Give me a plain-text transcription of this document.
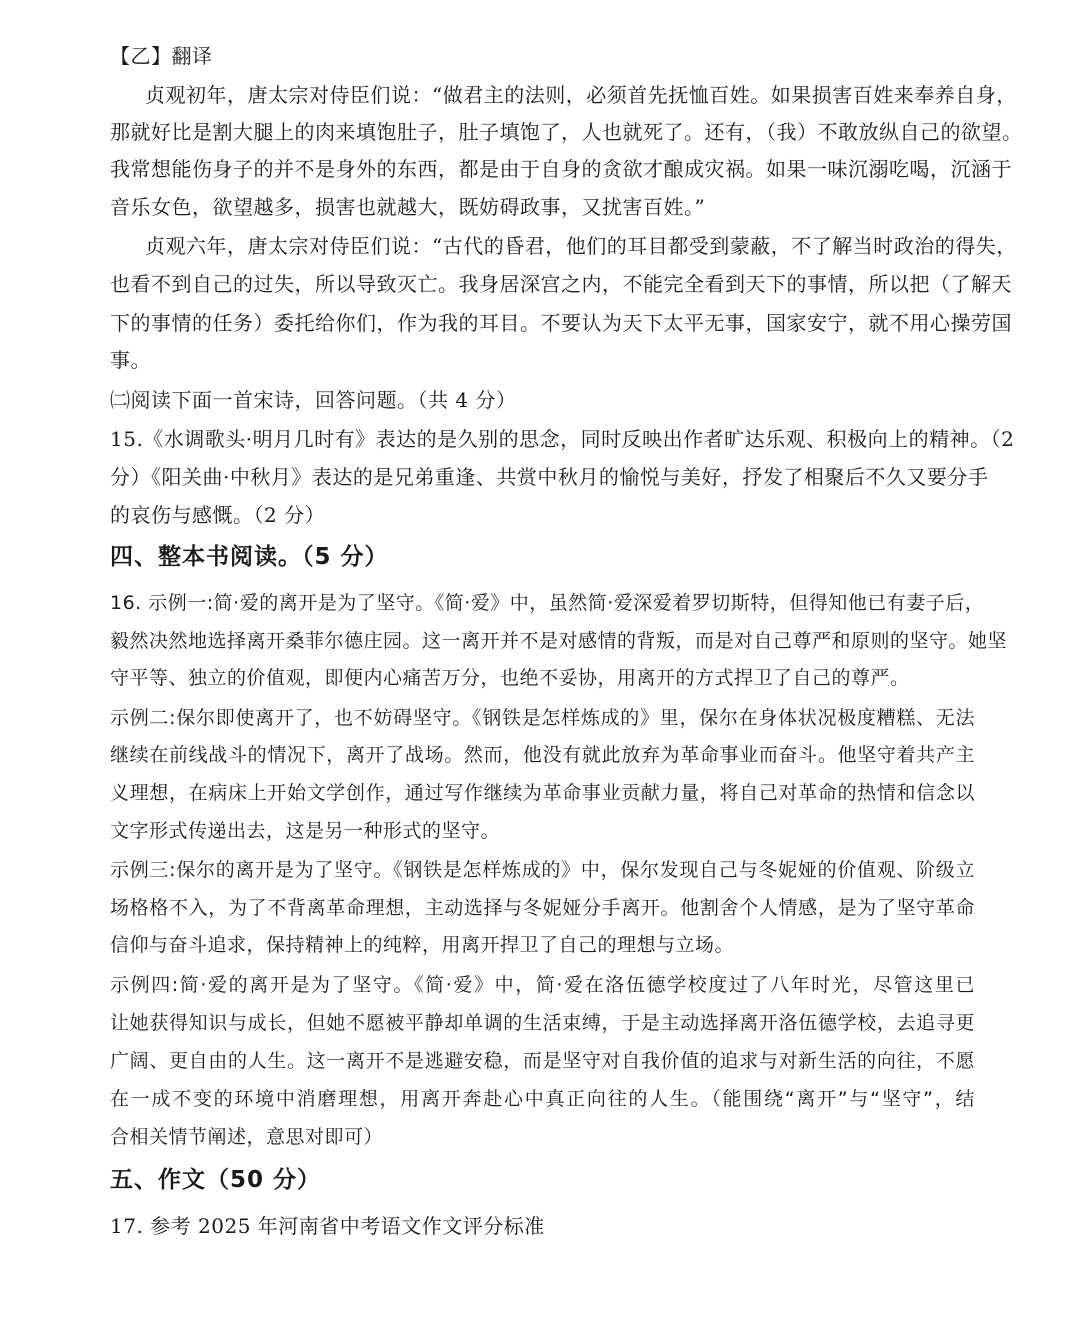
【乙】翻译
贞观初年，唐太宗对侍臣们说：“做君主的法则，必须首先抚恤百姓。如果损害百姓来奉养自身，
那就好比是割大腿上的肉来填饱肚子，肚子填饱了，人也就死了。还有，（我）不敢放纵自己的欲望。
我常想能伤身子的并不是身外的东西，都是由于自身的贪欲才酿成灾祸。如果一味沉溺吃喝，沉涵于
音乐女色，欲望越多，损害也就越大，既妨碍政事，又扰害百姓。”
贞观六年，唐太宗对侍臣们说：“古代的昏君，他们的耳目都受到蒙蔽，不了解当时政治的得失，
也看不到自己的过失，所以导致灭亡。我身居深宫之内，不能完全看到天下的事情，所以把（了解天
下的事情的任务）委托给你们，作为我的耳目。不要认为天下太平无事，国家安宁，就不用心操劳国
事。
㈡阅读下面一首宋诗，回答问题。（共 4 分）
15.《水调歌头·明月几时有》表达的是久别的思念，同时反映出作者旷达乐观、积极向上的精神。（2
分）《阳关曲·中秋月》表达的是兄弟重逢、共赏中秋月的愉悦与美好，抒发了相聚后不久又要分手
的哀伤与感慨。（2 分）
四、整本书阅读。（5 分）
16. 示例一:简·爱的离开是为了坚守。《简·爱》中，虽然简·爱深爱着罗切斯特，但得知他已有妻子后，
毅然决然地选择离开桑菲尔德庄园。这一离开并不是对感情的背叛，而是对自己尊严和原则的坚守。她坚
守平等、独立的价值观，即便内心痛苦万分，也绝不妥协，用离开的方式捍卫了自己的尊严。
示例二:保尔即使离开了，也不妨碍坚守。《钢铁是怎样炼成的》里，保尔在身体状况极度糟糕、无法
继续在前线战斗的情况下，离开了战场。然而，他没有就此放弃为革命事业而奋斗。他坚守着共产主
义理想，在病床上开始文学创作，通过写作继续为革命事业贡献力量，将自己对革命的热情和信念以
文字形式传递出去，这是另一种形式的坚守。
示例三:保尔的离开是为了坚守。《钢铁是怎样炼成的》中，保尔发现自己与冬妮娅的价值观、阶级立
场格格不入，为了不背离革命理想，主动选择与冬妮娅分手离开。他割舍个人情感，是为了坚守革命
信仰与奋斗追求，保持精神上的纯粹，用离开捍卫了自己的理想与立场。
示例四:简·爱的离开是为了坚守。《简·爱》中，简·爱在洛伍德学校度过了八年时光，尽管这里已
让她获得知识与成长，但她不愿被平静却单调的生活束缚，于是主动选择离开洛伍德学校，去追寻更
广阔、更自由的人生。这一离开不是逃避安稳，而是坚守对自我价值的追求与对新生活的向往，不愿
在一成不变的环境中消磨理想，用离开奔赴心中真正向往的人生。（能围绕“离开”与“坚守”，结
合相关情节阐述，意思对即可）
五、作文（50 分）
17. 参考 2025 年河南省中考语文作文评分标准
